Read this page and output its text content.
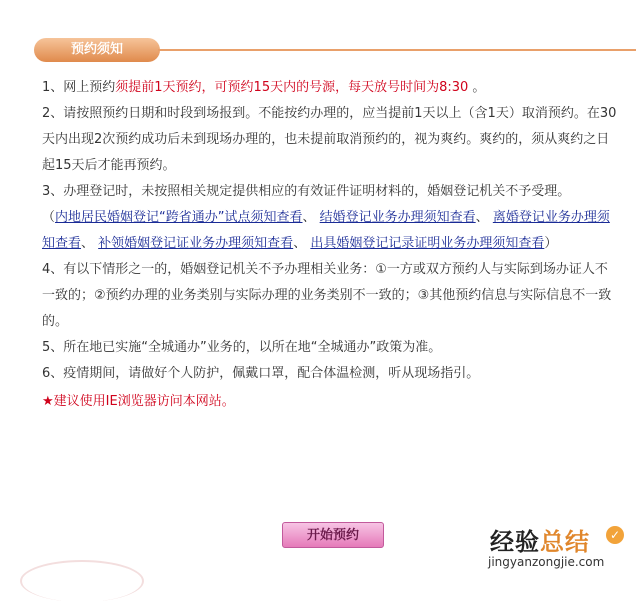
预约须知

1、网上预约须提前1天预约，可预约15天内的号源，每天放号时间为8:30 。

2、请按照预约日期和时段到场报到。不能按约办理的，应当提前1天以上（含1天）取消预约。在30天内出现2次预约成功后未到现场办理的，也未提前取消预约的，视为爽约。爽约的，须从爽约之日起15天后才能再预约。

3、办理登记时，未按照相关规定提供相应的有效证件证明材料的，婚姻登记机关不予受理。

（内地居民婚姻登记“跨省通办”试点须知查看、 结婚登记业务办理须知查看、 离婚登记业务办理须知查看、 补领婚姻登记证业务办理须知查看、 出具婚姻登记记录证明业务办理须知查看）

4、有以下情形之一的，婚姻登记机关不予办理相关业务：①一方或双方预约人与实际到场办证人不一致的；②预约办理的业务类别与实际办理的业务类别不一致的；③其他预约信息与实际信息不一致的。

5、所在地已实施“全城通办”业务的，以所在地“全城通办”政策为准。

6、疫情期间，请做好个人防护，佩戴口罩，配合体温检测，听从现场指引。

★建议使用IE浏览器访问本网站。

开始预约	经验总结	✓
jingyanzongjie.com
